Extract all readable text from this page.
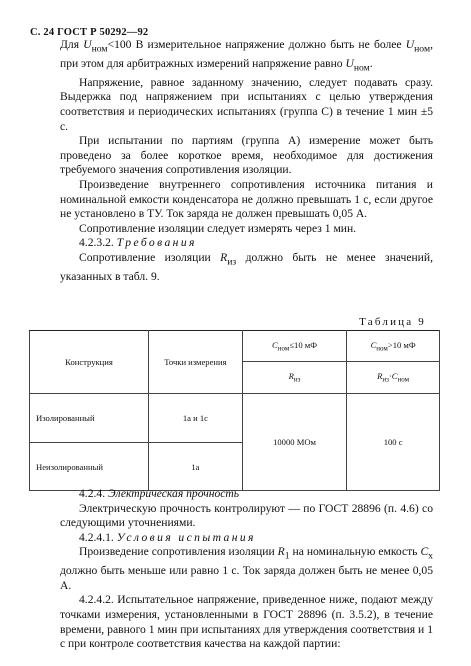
С. 24 ГОСТ Р 50292—92

Для $U_{ном}<100$ В измерительное напряжение должно быть не более $U_{ном}$, при этом для арбитражных измерений напряжение равно $U_{ном}$.

Напряжение, равное заданному значению, следует подавать сразу. Выдержка под напряжением при испытаниях с целью утверждения соответствия и периодических испытаниях (группа С) в течение 1 мин ±5 с.

При испытании по партиям (группа А) измерение может быть проведено за более короткое время, необходимое для достижения требуемого значения сопротивления изоляции.

Произведение внутреннего сопротивления источника питания и номинальной емкости конденсатора не должно превышать 1 с, если другое не установлено в ТУ. Ток заряда не должен превышать 0,05 А.

Сопротивление изоляции следует измерять через 1 мин.

4.2.3.2. Требования

Сопротивление изоляции $R_{из}$ должно быть не менее значений, указанных в табл. 9.

Таблица 9
Конструкция	Точки измерения	$C_{ном}\le 10$ мФ	$C_{ном}>10$ мФ
		$R_{из}$	$R_{из}\cdot C_{ном}$
Изолированный	1а и 1с	10000 МОм	100 с
Неизолированный	1а		

4.2.4. Электрическая прочность

Электрическую прочность контролируют — по ГОСТ 28896 (п. 4.6) со следующими уточнениями.

4.2.4.1. Условия испытания

Произведение сопротивления изоляции $R_1$ на номинальную емкость $C_x$ должно быть меньше или равно 1 с. Ток заряда должен быть не менее 0,05 А.

4.2.4.2. Испытательное напряжение, приведенное ниже, подают между точками измерения, установленными в ГОСТ 28896 (п. 3.5.2), в течение времени, равного 1 мин при испытаниях для утверждения соответствия и 1 с при контроле соответствия качества на каждой партии:
